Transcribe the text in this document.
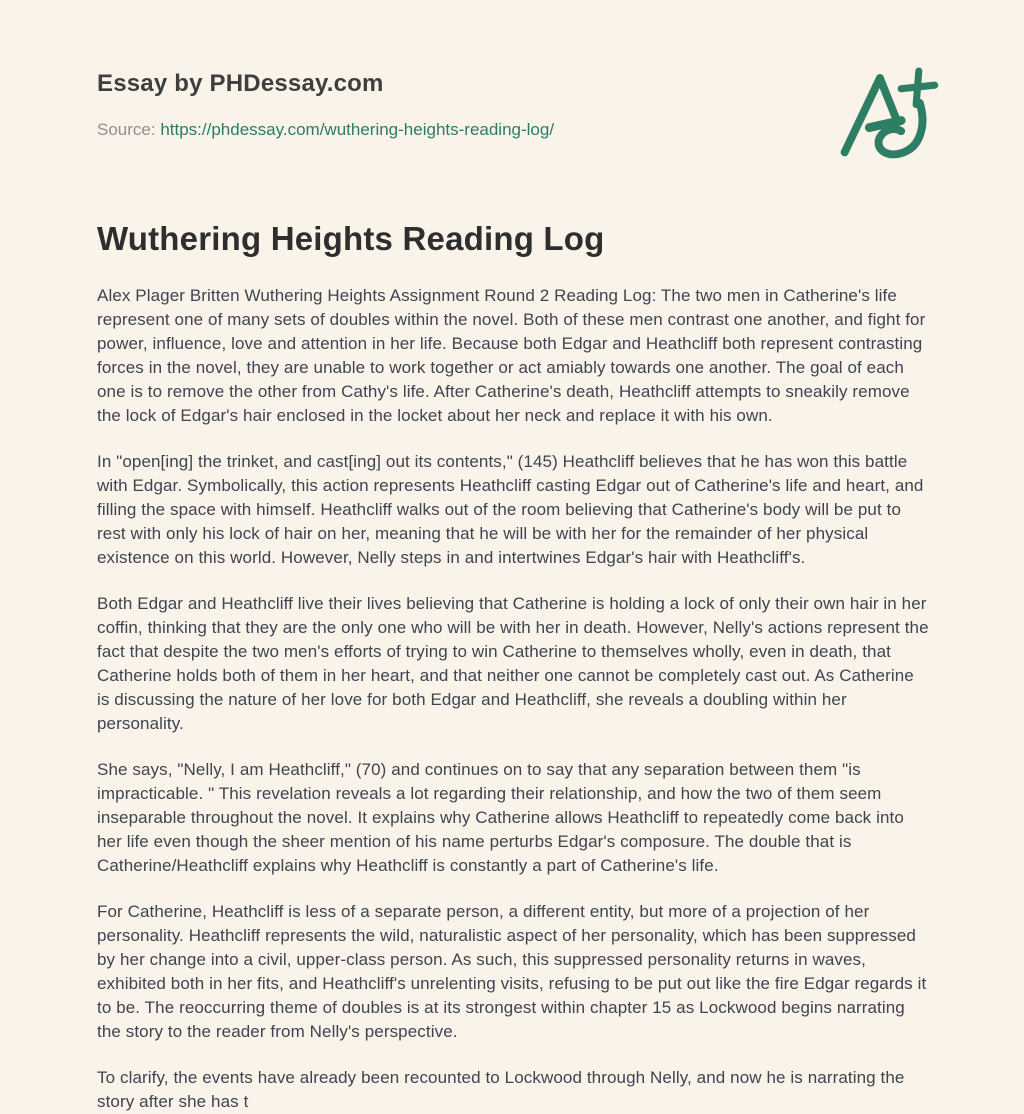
Essay by PHDessay.com
Source: https://phdessay.com/wuthering-heights-reading-log/
Wuthering Heights Reading Log

Alex Plager Britten Wuthering Heights Assignment Round 2 Reading Log: The two men in Catherine's life represent one of many sets of doubles within the novel. Both of these men contrast one another, and fight for power, influence, love and attention in her life. Because both Edgar and Heathcliff both represent contrasting forces in the novel, they are unable to work together or act amiably towards one another. The goal of each one is to remove the other from Cathy's life. After Catherine's death, Heathcliff attempts to sneakily remove the lock of Edgar's hair enclosed in the locket about her neck and replace it with his own.

In "open[ing] the trinket, and cast[ing] out its contents," (145) Heathcliff believes that he has won this battle with Edgar. Symbolically, this action represents Heathcliff casting Edgar out of Catherine's life and heart, and filling the space with himself. Heathcliff walks out of the room believing that Catherine's body will be put to rest with only his lock of hair on her, meaning that he will be with her for the remainder of her physical existence on this world. However, Nelly steps in and intertwines Edgar's hair with Heathcliff's.

Both Edgar and Heathcliff live their lives believing that Catherine is holding a lock of only their own hair in her coffin, thinking that they are the only one who will be with her in death. However, Nelly's actions represent the fact that despite the two men's efforts of trying to win Catherine to themselves wholly, even in death, that Catherine holds both of them in her heart, and that neither one cannot be completely cast out. As Catherine is discussing the nature of her love for both Edgar and Heathcliff, she reveals a doubling within her personality.

She says, "Nelly, I am Heathcliff," (70) and continues on to say that any separation between them "is impracticable. " This revelation reveals a lot regarding their relationship, and how the two of them seem inseparable throughout the novel. It explains why Catherine allows Heathcliff to repeatedly come back into her life even though the sheer mention of his name perturbs Edgar's composure. The double that is Catherine/Heathcliff explains why Heathcliff is constantly a part of Catherine's life.

For Catherine, Heathcliff is less of a separate person, a different entity, but more of a projection of her personality. Heathcliff represents the wild, naturalistic aspect of her personality, which has been suppressed by her change into a civil, upper-class person. As such, this suppressed personality returns in waves, exhibited both in her fits, and Heathcliff's unrelenting visits, refusing to be put out like the fire Edgar regards it to be. The reoccurring theme of doubles is at its strongest within chapter 15 as Lockwood begins narrating the story to the reader from Nelly's perspective.

To clarify, the events have already been recounted to Lockwood through Nelly, and now he is narrating the story after she has t
